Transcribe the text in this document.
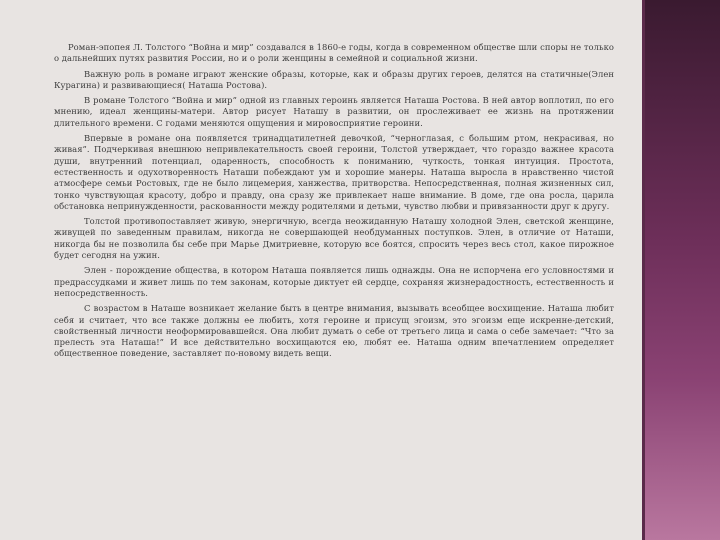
Роман-эпопея Л. Толстого “Война и мир” создавался в 1860-е годы, когда в современном обществе шли споры не только о дальнейших путях развития России, но и о роли женщины в семейной и социальной жизни.

Важную роль в романе играют женские образы, которые, как и образы других героев, делятся на статичные(Элен Курагина) и развивающиеся( Наташа Ростова).

В романе Толстого “Война и мир” одной из главных героинь является Наташа Ростова. В ней автор воплотил, по его мнению, идеал женщины-матери. Автор рисует Наташу в развитии, он прослеживает ее жизнь на протяжении длительного времени. С годами меняются ощущения и мировосприятие героини.

Впервые в романе она появляется тринадцатилетней девочкой, “черноглазая, с большим ртом, некрасивая, но живая”. Подчеркивая внешнюю непривлекательность своей героини, Толстой утверждает, что гораздо важнее красота души, внутренний потенциал, одаренность, способность к пониманию, чуткость, тонкая интуиция. Простота, естественность и одухотворенность Наташи побеждают ум и хорошие манеры. Наташа выросла в нравственно чистой атмосфере семьи Ростовых, где не было лицемерия, ханжества, притворства. Непосредственная, полная жизненных сил, тонко чувствующая красоту, добро и правду, она сразу же привлекает наше внимание. В доме, где она росла, царила обстановка непринужденности, раскованности между родителями и детьми, чувство любви и привязанности друг к другу.

Толстой противопоставляет живую, энергичную, всегда неожиданную Наташу холодной Элен, светской женщине, живущей по заведенным правилам, никогда не совершающей необдуманных поступков. Элен, в отличие от Наташи, никогда бы не позволила бы себе при Марье Дмитриевне, которую все боятся, спросить через весь стол, какое пирожное будет сегодня на ужин.

Элен - порождение общества, в котором Наташа появляется лишь однажды. Она не испорчена его условностями и предрассудками и живет лишь по тем законам, которые диктует ей сердце, сохраняя жизнерадостность, естественность и непосредственность.

С возрастом в Наташе возникает желание быть в центре внимания, вызывать всеобщее восхищение. Наташа любит себя и считает, что все также должны ее любить, хотя героине и присущ эгоизм, это эгоизм еще искренне-детский, свойственный личности неоформировавшейся. Она любит думать о себе от третьего лица и сама о себе замечает: “Что за прелесть эта Наташа!” И все действительно восхищаются ею, любят ее. Наташа одним впечатлением определяет общественное поведение, заставляет по-новому видеть вещи.
